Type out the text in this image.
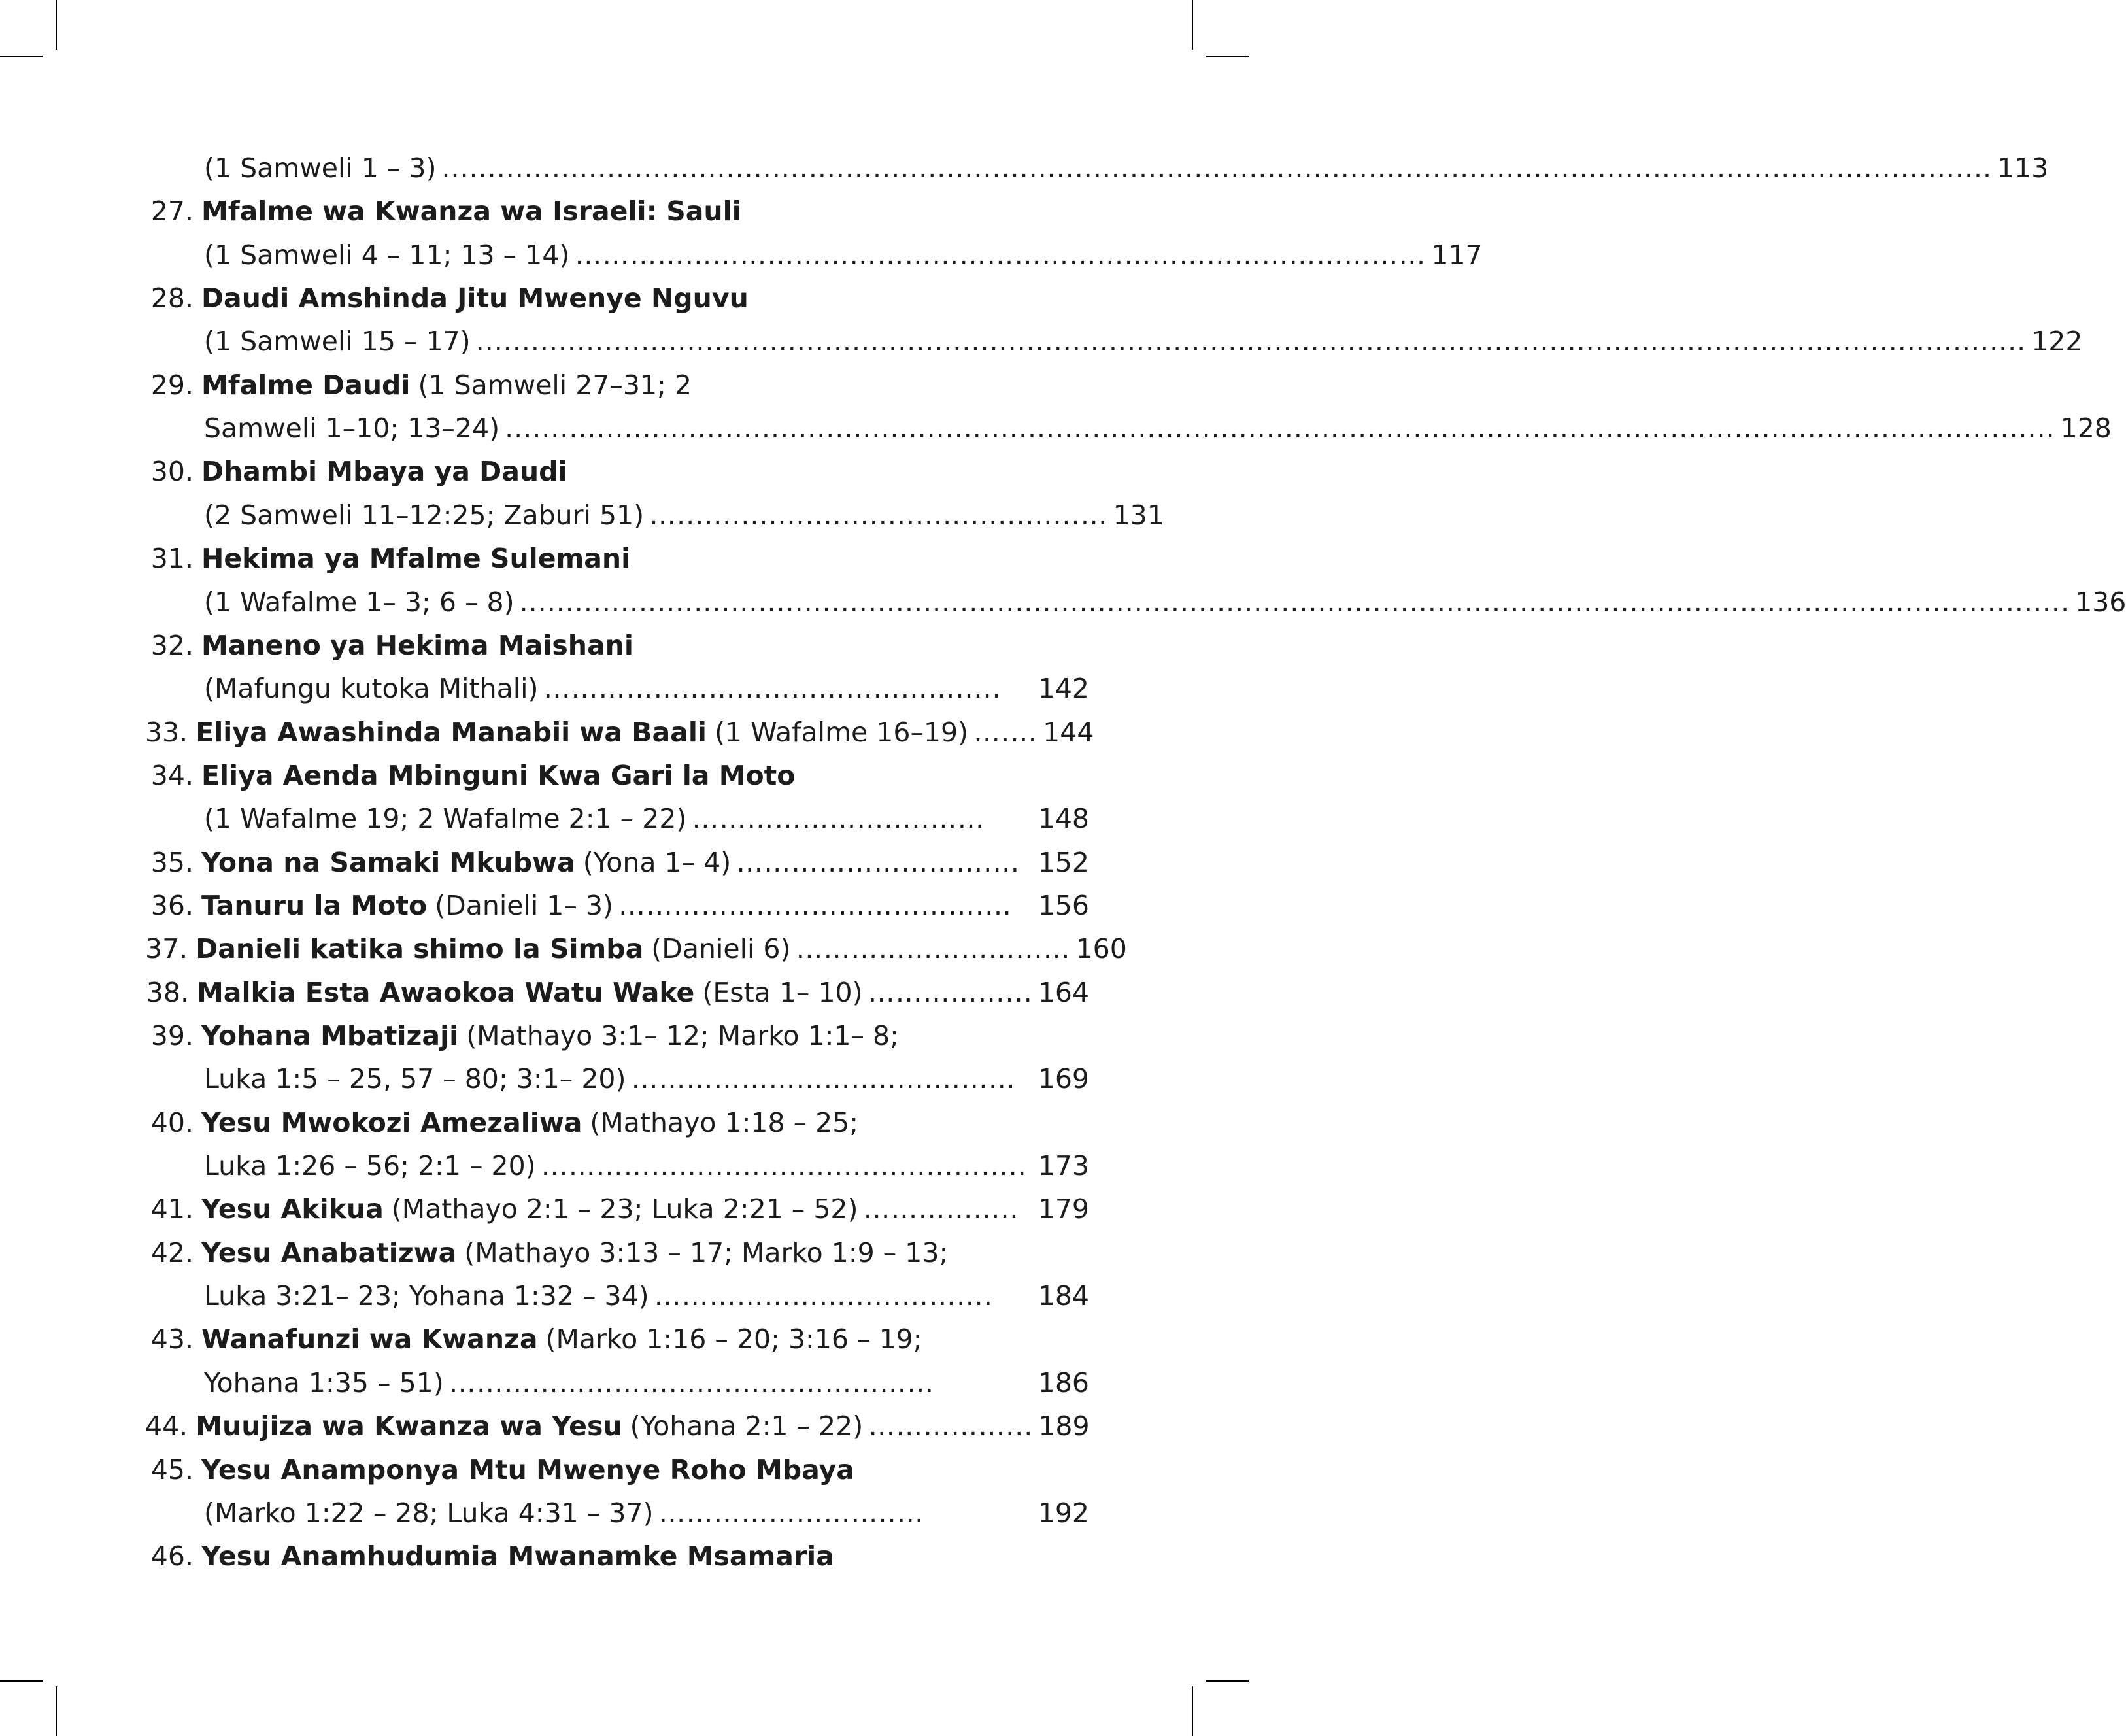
(1 Samweli 1 – 3) ......................................................................................................................................................................... 113
27. Mfalme wa Kwanza wa Israeli: Sauli
(1 Samweli 4 – 11; 13 – 14) ………………………………………………………………………………… 117
28. Daudi Amshinda Jitu Mwenye Nguvu
(1 Samweli 15 – 17) ......................................................................................................................................................................... 122
29. Mfalme Daudi (1 Samweli 27–31; 2
Samweli 1–10; 13–24) ......................................................................................................................................................................... 128
30. Dhambi Mbaya ya Daudi
(2 Samweli 11–12:25; Zaburi 51) …............................................… 131
31. Hekima ya Mfalme Sulemani
(1 Wafalme 1– 3; 6 – 8) ......................................................................................................................................................................... 136
32. Maneno ya Hekima Maishani
(Mafungu kutoka Mithali) ……………………………………….....	142
33. Eliya Awashinda Manabii wa Baali (1 Wafalme 16–19) ….… 144
34. Eliya Aenda Mbinguni Kwa Gari la Moto
(1 Wafalme 19; 2 Wafalme 2:1 – 22) ………………….....……	148
35. Yona na Samaki Mkubwa (Yona 1– 4) ……………………….… 152
36. Tanuru la Moto (Danieli 1– 3) ………………………………….… 156
37. Danieli katika shimo la Simba (Danieli 6) ……………………...… 160
38. Malkia Esta Awaokoa Watu Wake (Esta 1– 10) ……………... 164
39. Yohana Mbatizaji (Mathayo 3:1– 12; Marko 1:1– 8;
Luka 1:5 – 25, 57 – 80; 3:1– 20) ……………………….........…… 169
40. Yesu Mwokozi Amezaliwa (Mathayo 1:18 – 25;
Luka 1:26 – 56; 2:1 – 20) ………………...........................…..... 173
41. Yesu Akikua (Mathayo 2:1 – 23; Luka 2:21 – 52) …………….. 179
42. Yesu Anabatizwa (Mathayo 3:13 – 17; Marko 1:9 – 13;
Luka 3:21– 23; Yohana 1:32 – 34) …………………......……….	184
43. Wanafunzi wa Kwanza (Marko 1:16 – 20; 3:16 – 19;
Yohana 1:35 – 51) ……………………..............……………	186
44. Muujiza wa Kwanza wa Yesu (Yohana 2:1 – 22) ……………... 189
45. Yesu Anamponya Mtu Mwenye Roho Mbaya
(Marko 1:22 – 28; Luka 4:31 – 37) ……………………..…	192
46. Yesu Anamhudumia Mwanamke Msamaria
